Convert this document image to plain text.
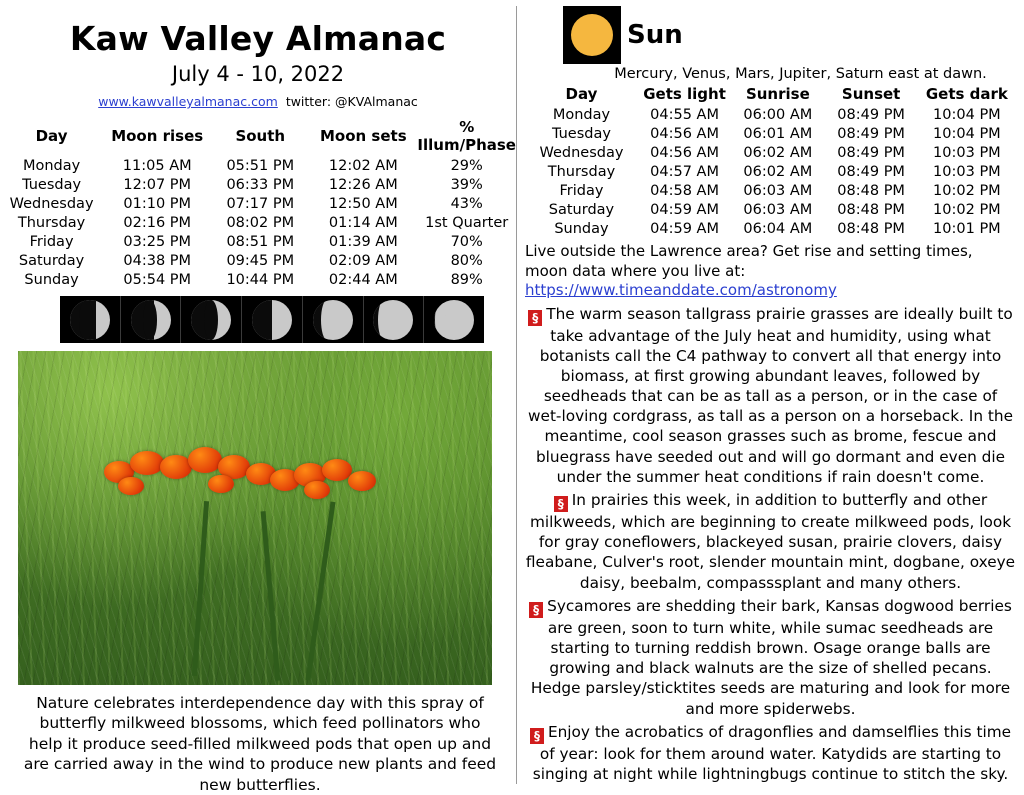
Kaw Valley Almanac
July 4 - 10, 2022
www.kawvalleyalmanac.com twitter: @KVAlmanac
Day	Moon rises	South	Moon sets	% Illum/Phase
Monday	11:05 AM	05:51 PM	12:02 AM	29%
Tuesday	12:07 PM	06:33 PM	12:26 AM	39%
Wednesday	01:10 PM	07:17 PM	12:50 AM	43%
Thursday	02:16 PM	08:02 PM	01:14 AM	1st Quarter
Friday	03:25 PM	08:51 PM	01:39 AM	70%
Saturday	04:38 PM	09:45 PM	02:09 AM	80%
Sunday	05:54 PM	10:44 PM	02:44 AM	89%
Nature celebrates interdependence day with this spray of butterfly milkweed blossoms, which feed pollinators who help it produce seed-filled milkweed pods that open up and are carried away in the wind to produce new plants and feed new butterflies.
Sun
Mercury, Venus, Mars, Jupiter, Saturn east at dawn.
Day	Gets light	Sunrise	Sunset	Gets dark
Monday	04:55 AM	06:00 AM	08:49 PM	10:04 PM
Tuesday	04:56 AM	06:01 AM	08:49 PM	10:04 PM
Wednesday	04:56 AM	06:02 AM	08:49 PM	10:03 PM
Thursday	04:57 AM	06:02 AM	08:49 PM	10:03 PM
Friday	04:58 AM	06:03 AM	08:48 PM	10:02 PM
Saturday	04:59 AM	06:03 AM	08:48 PM	10:02 PM
Sunday	04:59 AM	06:04 AM	08:48 PM	10:01 PM
Live outside the Lawrence area? Get rise and setting times, moon data where you live at: https://www.timeanddate.com/astronomy
§ The warm season tallgrass prairie grasses are ideally built to take advantage of the July heat and humidity, using what botanists call the C4 pathway to convert all that energy into biomass, at first growing abundant leaves, followed by seedheads that can be as tall as a person, or in the case of wet-loving cordgrass, as tall as a person on a horseback. In the meantime, cool season grasses such as brome, fescue and bluegrass have seeded out and will go dormant and even die under the summer heat conditions if rain doesn't come.
§ In prairies this week, in addition to butterfly and other milkweeds, which are beginning to create milkweed pods, look for gray coneflowers, blackeyed susan, prairie clovers, daisy fleabane, Culver's root, slender mountain mint, dogbane, oxeye daisy, beebalm, compasssplant and many others.
§ Sycamores are shedding their bark, Kansas dogwood berries are green, soon to turn white, while sumac seedheads are starting to turning reddish brown. Osage orange balls are growing and black walnuts are the size of shelled pecans. Hedge parsley/sticktites seeds are maturing and look for more and more spiderwebs.
§ Enjoy the acrobatics of dragonflies and damselflies this time of year: look for them around water. Katydids are starting to singing at night while lightningbugs continue to stitch the sky.
